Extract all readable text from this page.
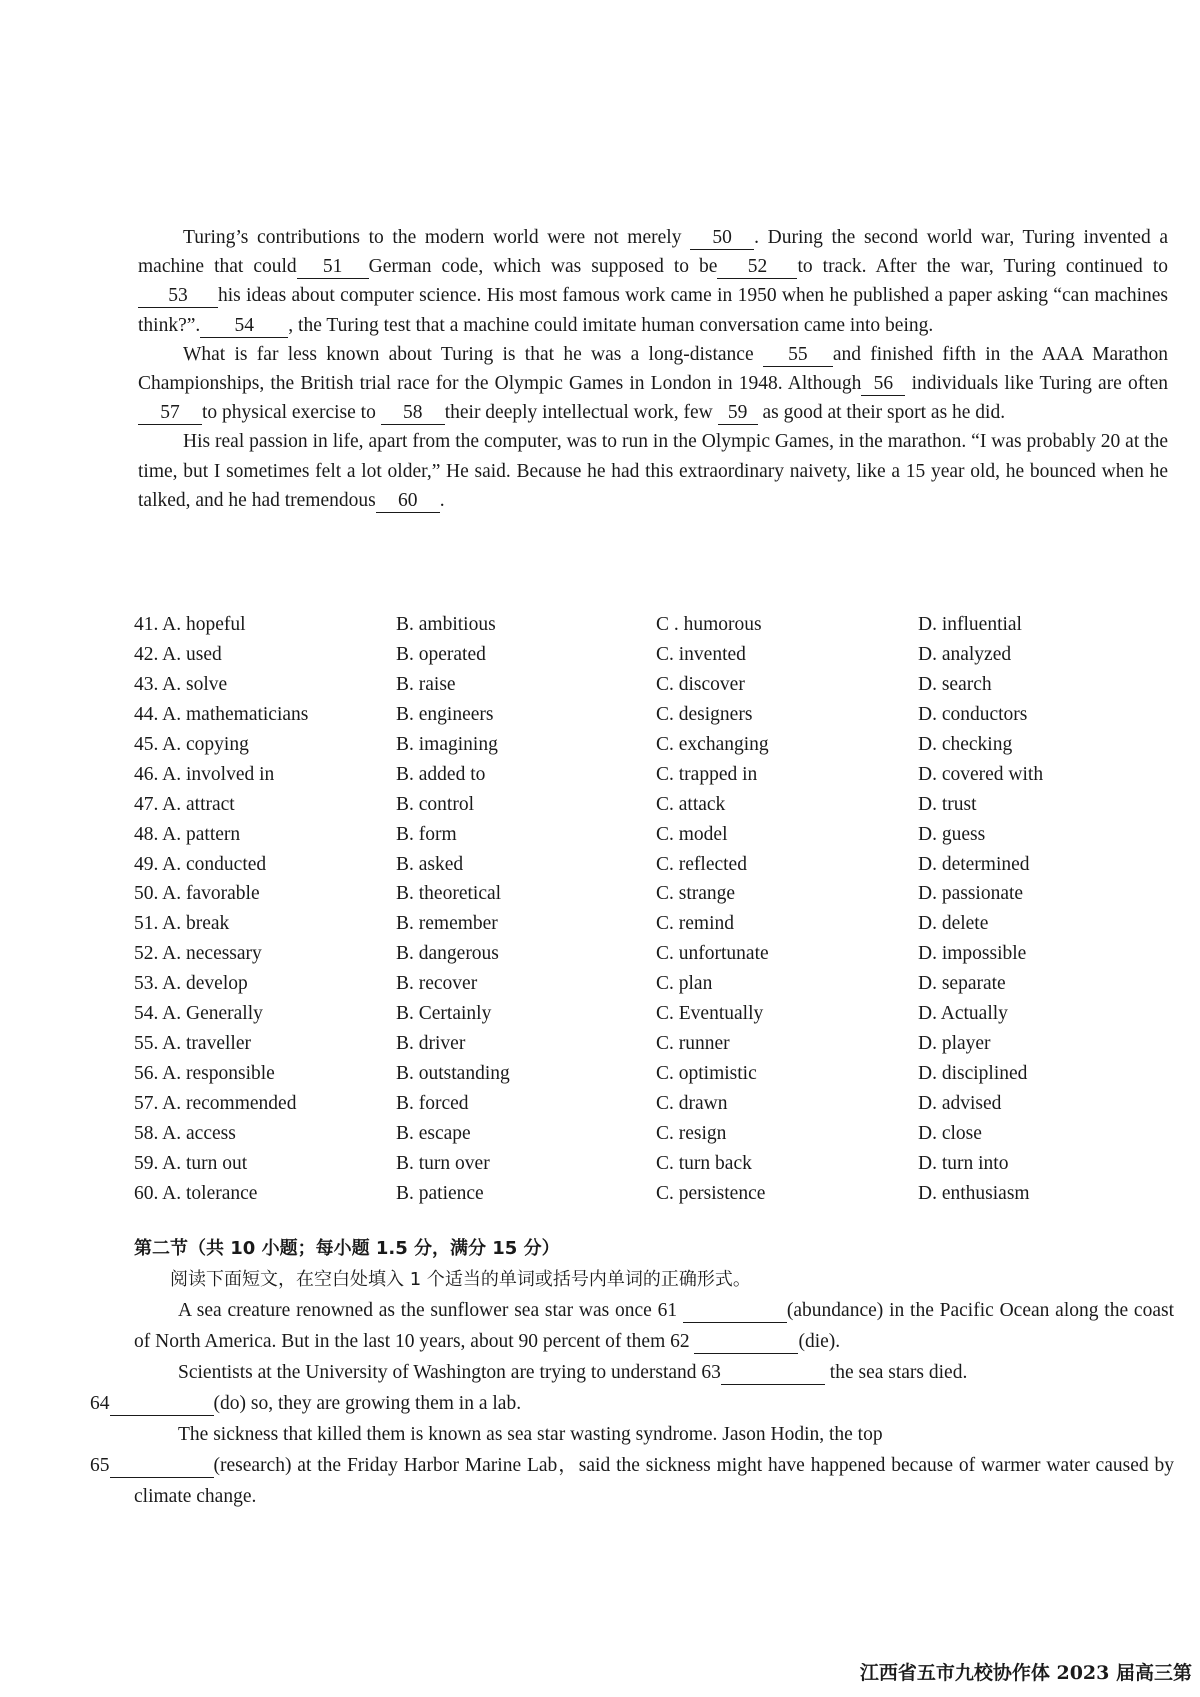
Turing’s contributions to the modern world were not merely 50 . During the second world war, Turing invented a machine that could 51 German code, which was supposed to be 52 to track. After the war, Turing continued to 53 his ideas about computer science. His most famous work came in 1950 when he published a paper asking “can machines think?”. 54 , the Turing test that a machine could imitate human conversation came into being.

What is far less known about Turing is that he was a long-distance 55 and finished fifth in the AAA Marathon Championships, the British trial race for the Olympic Games in London in 1948. Although 56 individuals like Turing are often 57 to physical exercise to 58 their deeply intellectual work, few 59 as good at their sport as he did.

His real passion in life, apart from the computer, was to run in the Olympic Games, in the marathon. “I was probably 20 at the time, but I sometimes felt a lot older,” He said. Because he had this extraordinary naivety, like a 15 year old, he bounced when he talked, and he had tremendous 60 .

41. A. hopeful	B. ambitious	C . humorous	D. influential
42. A. used	B. operated	C. invented	D. analyzed
43. A. solve	B. raise	C. discover	D. search
44. A. mathematicians	B. engineers	C. designers	D. conductors
45. A. copying	B. imagining	C. exchanging	D. checking
46. A. involved in	B. added to	C. trapped in	D. covered with
47. A. attract	B. control	C. attack	D. trust
48. A. pattern	B. form	C. model	D. guess
49. A. conducted	B. asked	C. reflected	D. determined
50. A. favorable	B. theoretical	C. strange	D. passionate
51. A. break	B. remember	C. remind	D. delete
52. A. necessary	B. dangerous	C. unfortunate	D. impossible
53. A. develop	B. recover	C. plan	D. separate
54. A. Generally	B. Certainly	C. Eventually	D. Actually
55. A. traveller	B. driver	C. runner	D. player
56. A. responsible	B. outstanding	C. optimistic	D. disciplined
57. A. recommended	B. forced	C. drawn	D. advised
58. A. access	B. escape	C. resign	D. close
59. A. turn out	B. turn over	C. turn back	D. turn into
60. A. tolerance	B. patience	C. persistence	D. enthusiasm
第二节（共 10 小题；每小题 1.5 分，满分 15 分）
阅读下面短文，在空白处填入 1 个适当的单词或括号内单词的正确形式。

A sea creature renowned as the sunflower sea star was once 61	(abundance) in the Pacific Ocean along the coast of North America. But in the last 10 years, about 90 percent of them 62	(die).

Scientists at the University of Washington are trying to understand 63	the sea stars died.
64	(do) so, they are growing them in a lab.

The sickness that killed them is known as sea star wasting syndrome. Jason Hodin, the top
65	(research) at the Friday Harbor Marine Lab，said the sickness might have happened because of warmer water caused by climate change.

江西省五市九校协作体 2023 届高三第
